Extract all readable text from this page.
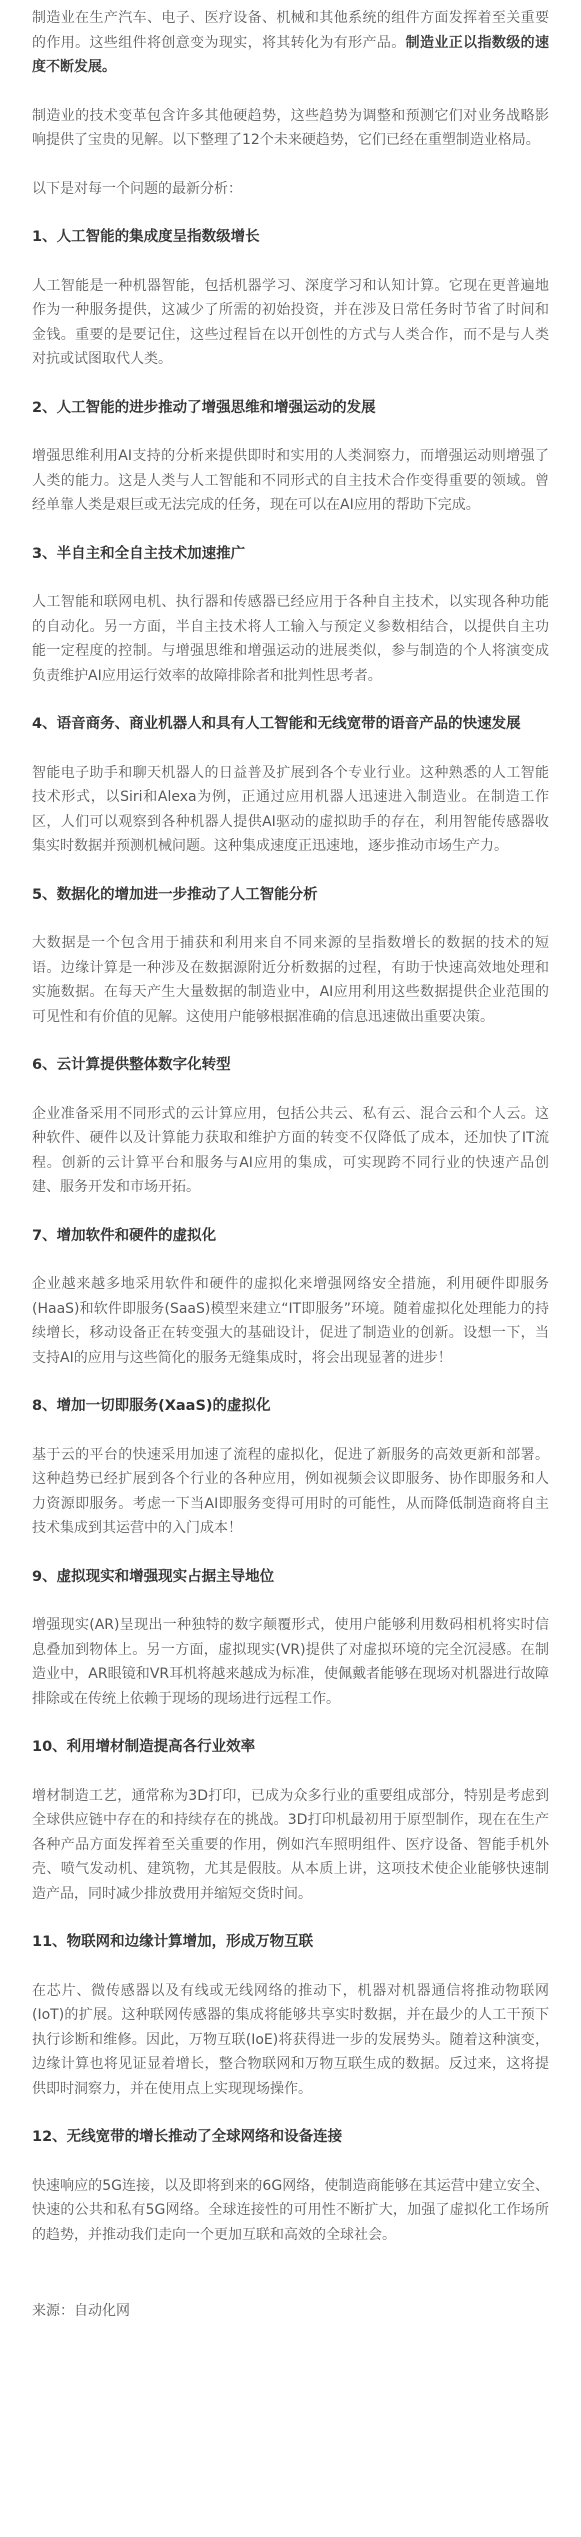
制造业在生产汽车、电子、医疗设备、机械和其他系统的组件方面发挥着至关重要的作用。这些组件将创意变为现实，将其转化为有形产品。制造业正以指数级的速度不断发展。

制造业的技术变革包含许多其他硬趋势，这些趋势为调整和预测它们对业务战略影响提供了宝贵的见解。以下整理了12个未来硬趋势，它们已经在重塑制造业格局。

以下是对每一个问题的最新分析：

1、人工智能的集成度呈指数级增长

人工智能是一种机器智能，包括机器学习、深度学习和认知计算。它现在更普遍地作为一种服务提供，这减少了所需的初始投资，并在涉及日常任务时节省了时间和金钱。重要的是要记住，这些过程旨在以开创性的方式与人类合作，而不是与人类对抗或试图取代人类。

2、人工智能的进步推动了增强思维和增强运动的发展

增强思维利用AI支持的分析来提供即时和实用的人类洞察力，而增强运动则增强了人类的能力。这是人类与人工智能和不同形式的自主技术合作变得重要的领域。曾经单靠人类是艰巨或无法完成的任务，现在可以在AI应用的帮助下完成。

3、半自主和全自主技术加速推广

人工智能和联网电机、执行器和传感器已经应用于各种自主技术，以实现各种功能的自动化。另一方面，半自主技术将人工输入与预定义参数相结合，以提供自主功能一定程度的控制。与增强思维和增强运动的进展类似，参与制造的个人将演变成负责维护AI应用运行效率的故障排除者和批判性思考者。

4、语音商务、商业机器人和具有人工智能和无线宽带的语音产品的快速发展

智能电子助手和聊天机器人的日益普及扩展到各个专业行业。这种熟悉的人工智能技术形式，以Siri和Alexa为例，正通过应用机器人迅速进入制造业。在制造工作区，人们可以观察到各种机器人提供AI驱动的虚拟助手的存在，利用智能传感器收集实时数据并预测机械问题。这种集成速度正迅速地，逐步推动市场生产力。

5、数据化的增加进一步推动了人工智能分析

大数据是一个包含用于捕获和利用来自不同来源的呈指数增长的数据的技术的短语。边缘计算是一种涉及在数据源附近分析数据的过程，有助于快速高效地处理和实施数据。在每天产生大量数据的制造业中，AI应用利用这些数据提供企业范围的可见性和有价值的见解。这使用户能够根据准确的信息迅速做出重要决策。

6、云计算提供整体数字化转型

企业准备采用不同形式的云计算应用，包括公共云、私有云、混合云和个人云。这种软件、硬件以及计算能力获取和维护方面的转变不仅降低了成本，还加快了IT流程。创新的云计算平台和服务与AI应用的集成，可实现跨不同行业的快速产品创建、服务开发和市场开拓。

7、增加软件和硬件的虚拟化

企业越来越多地采用软件和硬件的虚拟化来增强网络安全措施，利用硬件即服务(HaaS)和软件即服务(SaaS)模型来建立“IT即服务”环境。随着虚拟化处理能力的持续增长，移动设备正在转变强大的基础设计，促进了制造业的创新。设想一下，当支持AI的应用与这些简化的服务无缝集成时，将会出现显著的进步！

8、增加一切即服务(XaaS)的虚拟化

基于云的平台的快速采用加速了流程的虚拟化，促进了新服务的高效更新和部署。这种趋势已经扩展到各个行业的各种应用，例如视频会议即服务、协作即服务和人力资源即服务。考虑一下当AI即服务变得可用时的可能性，从而降低制造商将自主技术集成到其运营中的入门成本！

9、虚拟现实和增强现实占据主导地位

增强现实(AR)呈现出一种独特的数字颠覆形式，使用户能够利用数码相机将实时信息叠加到物体上。另一方面，虚拟现实(VR)提供了对虚拟环境的完全沉浸感。在制造业中，AR眼镜和VR耳机将越来越成为标准，使佩戴者能够在现场对机器进行故障排除或在传统上依赖于现场的现场进行远程工作。

10、利用增材制造提高各行业效率

增材制造工艺，通常称为3D打印，已成为众多行业的重要组成部分，特别是考虑到全球供应链中存在的和持续存在的挑战。3D打印机最初用于原型制作，现在在生产各种产品方面发挥着至关重要的作用，例如汽车照明组件、医疗设备、智能手机外壳、喷气发动机、建筑物，尤其是假肢。从本质上讲，这项技术使企业能够快速制造产品，同时减少排放费用并缩短交货时间。

11、物联网和边缘计算增加，形成万物互联

在芯片、微传感器以及有线或无线网络的推动下，机器对机器通信将推动物联网(IoT)的扩展。这种联网传感器的集成将能够共享实时数据，并在最少的人工干预下执行诊断和维修。因此，万物互联(IoE)将获得进一步的发展势头。随着这种演变，边缘计算也将见证显着增长，整合物联网和万物互联生成的数据。反过来，这将提供即时洞察力，并在使用点上实现现场操作。

12、无线宽带的增长推动了全球网络和设备连接

快速响应的5G连接，以及即将到来的6G网络，使制造商能够在其运营中建立安全、快速的公共和私有5G网络。全球连接性的可用性不断扩大，加强了虚拟化工作场所的趋势，并推动我们走向一个更加互联和高效的全球社会。

来源：自动化网
